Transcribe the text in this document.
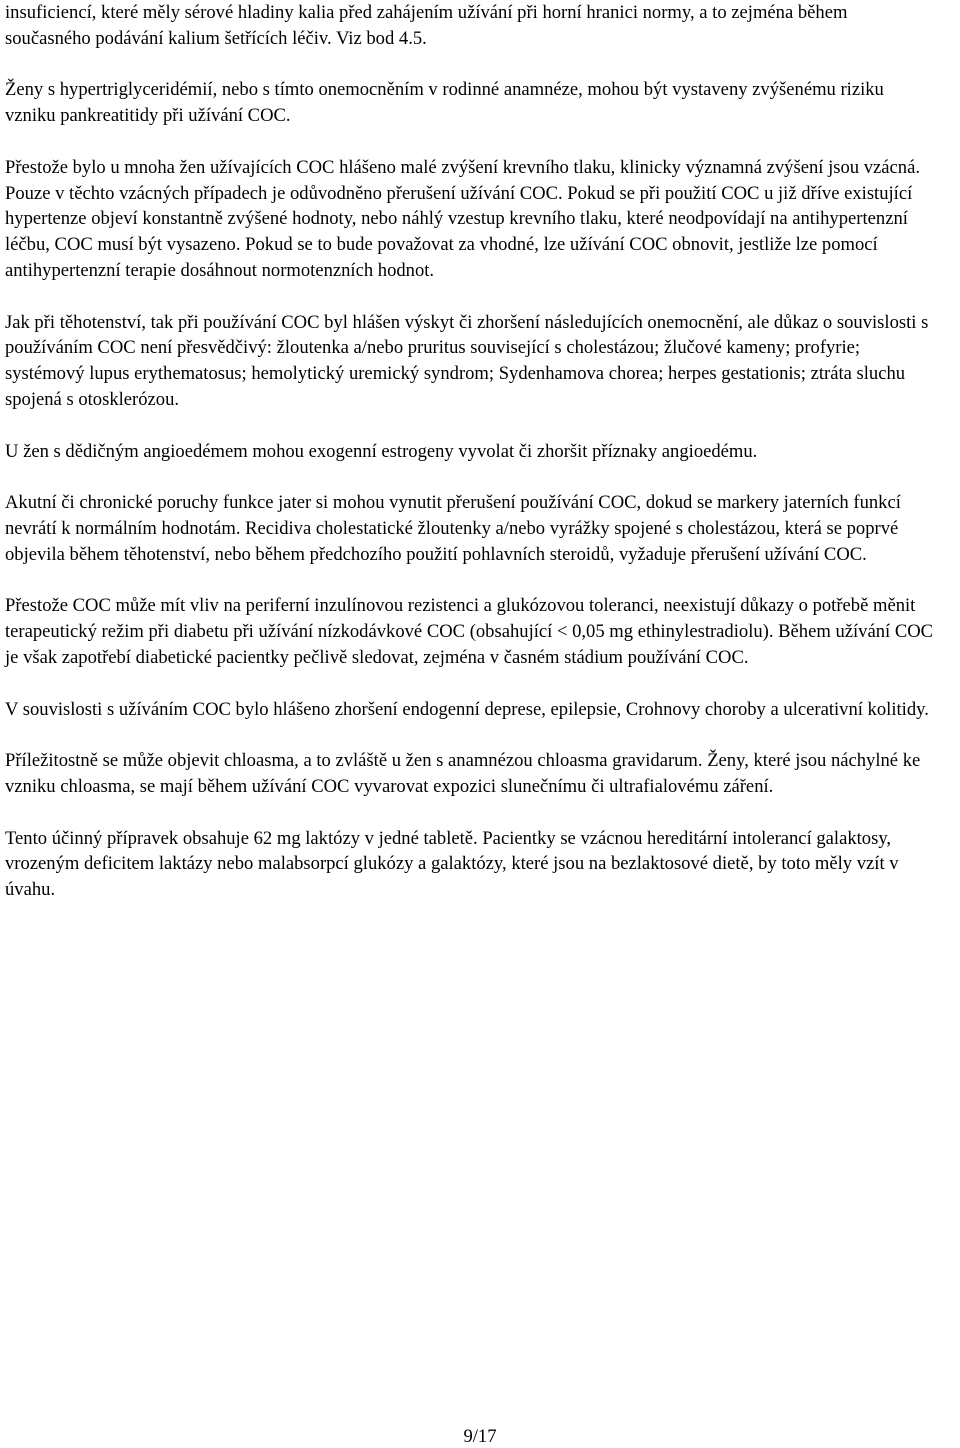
insuficiencí, které měly sérové hladiny kalia před zahájením užívání při horní hranici normy, a to zejména během současného podávání kalium šetřících léčiv. Viz bod 4.5.

Ženy s hypertriglyceridémií, nebo s tímto onemocněním v rodinné anamnéze, mohou být vystaveny zvýšenému riziku vzniku pankreatitidy při užívání COC.

Přestože bylo u mnoha žen užívajících COC hlášeno malé zvýšení krevního tlaku, klinicky významná zvýšení jsou vzácná. Pouze v těchto vzácných případech je odůvodněno přerušení užívání COC. Pokud se při použití COC u již dříve existující hypertenze objeví konstantně zvýšené hodnoty, nebo náhlý vzestup krevního tlaku, které neodpovídají na antihypertenzní léčbu, COC musí být vysazeno. Pokud se to bude považovat za vhodné, lze užívání COC obnovit, jestliže lze pomocí antihypertenzní terapie dosáhnout normotenzních hodnot.

Jak při těhotenství, tak při používání COC byl hlášen výskyt či zhoršení následujících onemocnění, ale důkaz o souvislosti s používáním COC není přesvědčivý: žloutenka a/nebo pruritus související s cholestázou; žlučové kameny; profyrie; systémový lupus erythematosus; hemolytický uremický syndrom; Sydenhamova chorea; herpes gestationis; ztráta sluchu spojená s otosklerózou.

U žen s dědičným angioedémem mohou exogenní estrogeny vyvolat či zhoršit příznaky angioedému.

Akutní či chronické poruchy funkce jater si mohou vynutit přerušení používání COC, dokud se markery jaterních funkcí nevrátí k normálním hodnotám. Recidiva cholestatické žloutenky a/nebo vyrážky spojené s cholestázou, která se poprvé objevila během těhotenství, nebo během předchozího použití pohlavních steroidů, vyžaduje přerušení užívání COC.

Přestože COC může mít vliv na periferní inzulínovou rezistenci a glukózovou toleranci, neexistují důkazy o potřebě měnit terapeutický režim při diabetu při užívání nízkodávkové COC (obsahující < 0,05 mg ethinylestradiolu). Během užívání COC je však zapotřebí diabetické pacientky pečlivě sledovat, zejména v časném stádium používání COC.

V souvislosti s užíváním COC bylo hlášeno zhoršení endogenní deprese, epilepsie, Crohnovy choroby a ulcerativní kolitidy.

Příležitostně se může objevit chloasma, a to zvláště u žen s anamnézou chloasma gravidarum. Ženy, které jsou náchylné ke vzniku chloasma, se mají během užívání COC vyvarovat expozici slunečnímu či ultrafialovému záření.

Tento účinný přípravek obsahuje 62 mg laktózy v jedné tabletě. Pacientky se vzácnou hereditární intolerancí galaktosy, vrozeným deficitem laktázy nebo malabsorpcí glukózy a galaktózy, které jsou na bezlaktosové dietě, by toto měly vzít v úvahu.

9/17
